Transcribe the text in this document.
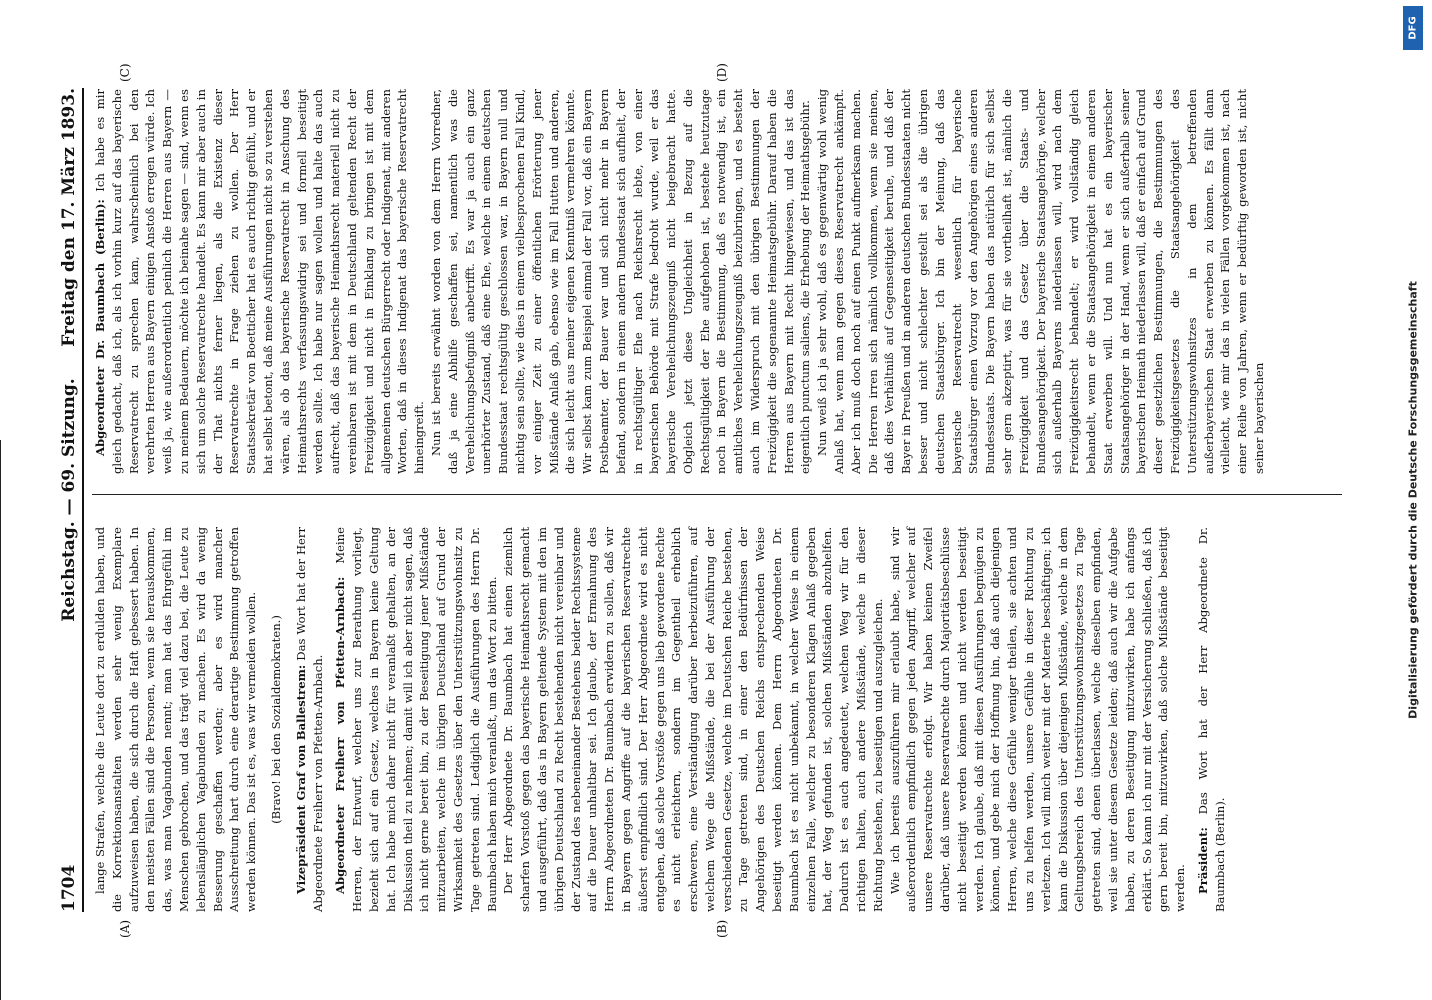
1704
Reichstag. — 69. Sitzung.
Freitag den 17. März 1893.
(A)	(B)
(C)	(D)

lange Strafen, welche die Leute dort zu erdulden haben, und die Korrektionsanstalten werden sehr wenig Exemplare aufzuweisen haben, die sich durch die Haft gebessert haben. In den meisten Fällen sind die Personen, wenn sie herauskommen, das, was man Vagabunden nennt; man hat das Ehrgefühl im Menschen gebrochen, und das trägt viel dazu bei, die Leute zu lebenslänglichen Vagabunden zu machen. Es wird da wenig Besserung geschaffen werden; aber es wird mancher Ausschreitung hart durch eine derartige Bestimmung getroffen werden können. Das ist es, was wir vermeiden wollen. (Bravo! bei den Sozialdemokraten.) Vizepräsident Graf von Ballestrem: Das Wort hat der Herr Abgeordnete Freiherr von Pfetten-Arnbach. Abgeordneter Freiherr von Pfetten-Arnbach: Meine Herren, der Entwurf, welcher uns zur Berathung vorliegt, bezieht sich auf ein Gesetz, welches in Bayern keine Geltung hat. Ich habe mich daher nicht für veranlaßt gehalten, an der Diskussion theil zu nehmen; damit will ich aber nicht sagen, daß ich nicht gerne bereit bin, zu der Beseitigung jener Mißstände mitzuarbeiten, welche im übrigen Deutschland auf Grund der Wirksamkeit des Gesetzes über den Unterstützungswohnsitz zu Tage getreten sind. Lediglich die Ausführungen des Herrn Dr. Baumbach haben mich veranlaßt, um das Wort zu bitten. Der Herr Abgeordnete Dr. Baumbach hat einen ziemlich scharfen Vorstoß gegen das bayerische Heimathsrecht gemacht und ausgeführt, daß das in Bayern geltende System mit den im übrigen Deutschland zu Recht bestehenden nicht vereinbar und der Zustand des nebeneinander Bestehens beider Rechtssysteme auf die Dauer unhaltbar sei. Ich glaube, der Ermahnung des Herrn Abgeordneten Dr. Baumbach erwidern zu sollen, daß wir in Bayern gegen Angriffe auf die bayerischen Reservatrechte äußerst empfindlich sind. Der Herr Abgeordnete wird es nicht entgehen, daß solche Vorstöße gegen uns lieb gewordene Rechte es nicht erleichtern, sondern im Gegentheil erheblich erschweren, eine Verständigung darüber herbeizuführen, auf welchem Wege die Mißstände, die bei der Ausführung der verschiedenen Gesetze, welche im Deutschen Reiche bestehen, zu Tage getreten sind, in einer den Bedürfnissen der Angehörigen des Deutschen Reichs entsprechenden Weise beseitigt werden können. Dem Herrn Abgeordneten Dr. Baumbach ist es nicht unbekannt, in welcher Weise in einem einzelnen Falle, welcher zu besonderen Klagen Anlaß gegeben hat, der Weg gefunden ist, solchen Mißständen abzuhelfen. Dadurch ist es auch angedeutet, welchen Weg wir für den richtigen halten, auch andere Mißstände, welche in dieser Richtung bestehen, zu beseitigen und auszugleichen. Wie ich bereits auszuführen mir erlaubt habe, sind wir außerordentlich empfindlich gegen jeden Angriff, welcher auf unsere Reservatrechte erfolgt. Wir haben keinen Zweifel darüber, daß unsere Reservatrechte durch Majoritätsbeschlüsse nicht beseitigt werden können und nicht werden beseitigt werden. Ich glaube, daß mit diesen Ausführungen begnügen zu können, und gebe mich der Hoffnung hin, daß auch diejenigen Herren, welche diese Gefühle weniger theilen, sie achten und uns zu helfen werden, unsere Gefühle in dieser Richtung zu verletzen. Ich will mich weiter mit der Materie beschäftigen; ich kann die Diskussion über diejenigen Mißstände, welche in dem Geltungsbereich des Unterstützungswohnsitzgesetzes zu Tage getreten sind, denen überlassen, welche dieselben empfinden, weil sie unter diesem Gesetze leiden; daß auch wir die Aufgabe haben, zu deren Beseitigung mitzuwirken, habe ich anfangs erklärt. So kann ich nur mit der Versicherung schließen, daß ich gern bereit bin, mitzuwirken, daß solche Mißstände beseitigt werden. Präsident: Das Wort hat der Herr Abgeordnete Dr. Baumbach (Berlin).

Abgeordneter Dr. Baumbach (Berlin): Ich habe es mir gleich gedacht, daß ich, als ich vorhin kurz auf das bayerische Reservatrecht zu sprechen kam, wahrscheinlich bei den verehrten Herren aus Bayern einigen Anstoß erregen würde. Ich weiß ja, wie außerordentlich peinlich die Herren aus Bayern — zu meinem Bedauern, möchte ich beinahe sagen — sind, wenn es sich um solche Reservatrechte handelt. Es kann mir aber auch in der That nichts ferner liegen, als die Existenz dieser Reservatrechte in Frage ziehen zu wollen. Der Herr Staatssekretär von Boetticher hat es auch richtig gefühlt, und er hat selbst betont, daß meine Ausführungen nicht so zu verstehen wären, als ob das bayerische Reservatrecht in Anschung des Heimathsrechts verfassungswidrig sei und formell beseitigt werden sollte. Ich habe nur sagen wollen und halte das auch aufrecht, daß das bayerische Heimathsrecht materiell nicht zu vereinbaren ist mit dem in Deutschland geltenden Recht der Freizügigkeit und nicht in Einklang zu bringen ist mit dem allgemeinen deutschen Bürgerrecht oder Indigenat, mit anderen Worten, daß in dieses Indigenat das bayerische Reservatrecht hineingreift. Nun ist bereits erwähnt worden von dem Herrn Vorredner, daß ja eine Abhilfe geschaffen sei, namentlich was die Verehelichungsbefugniß anbetrifft. Es war ja auch ein ganz unerhörter Zustand, daß eine Ehe, welche in einem deutschen Bundesstaat rechtsgültig geschlossen war, in Bayern null und nichtig sein sollte, wie dies in einem vielbesprochenen Fall Kindl, vor einiger Zeit zu einer öffentlichen Erörterung jener Mißstände Anlaß gab, ebenso wie im Fall Hutten und anderen, die sich leicht aus meiner eigenen Kenntniß vermehren könnte. Wir selbst kam zum Beispiel einmal der Fall vor, daß ein Bayern Postbeamter, der Bauer war und sich nicht mehr in Bayern befand, sondern in einem andern Bundesstaat sich aufhielt, der in rechtsgültiger Ehe nach Reichsrecht lebte, von einer bayerischen Behörde mit Strafe bedroht wurde, weil er das bayerische Verehelichungszeugniß nicht beigebracht hatte. Obgleich jetzt diese Ungleichheit in Bezug auf die Rechtsgültigkeit der Ehe aufgehoben ist, bestehe heutzutage noch in Bayern die Bestimmung, daß es notwendig ist, ein amtliches Verehelichungszeugniß beizubringen, und es besteht auch im Widerspruch mit den übrigen Bestimmungen der Freizügigkeit die sogenannte Heimatsgebühr. Darauf haben die Herren aus Bayern mit Recht hingewiesen, und das ist das eigentlich punctum saliens, die Erhebung der Heimathsgebühr. Nun weiß ich ja sehr wohl, daß es gegenwärtig wohl wenig Anlaß hat, wenn man gegen dieses Reservatrecht ankämpft. Aber ich muß doch noch auf einen Punkt aufmerksam machen. Die Herren irren sich nämlich vollkommen, wenn sie meinen, daß dies Verhältniß auf Gegenseitigkeit beruhe, und daß der Bayer in Preußen und in anderen deutschen Bundesstaaten nicht besser und nicht schlechter gestellt sei als die übrigen deutschen Staatsbürger. Ich bin der Meinung, daß das bayerische Reservatrecht wesentlich für bayerische Staatsbürger einen Vorzug vor den Angehörigen eines anderen Bundesstaats. Die Bayern haben das natürlich für sich selbst sehr gern akzeptirt, was für sie vortheilhaft ist, nämlich die Freizügigkeit und das Gesetz über die Staats- und Bundesangehörigkeit. Der bayerische Staatsangehörige, welcher sich außerhalb Bayerns niederlassen will, wird nach dem Freizügigkeitsrecht behandelt; er wird vollständig gleich behandelt, wenn er die Staatsangehörigkeit in einem anderen Staat erwerben will. Und nun hat es ein bayerischer Staatsangehöriger in der Hand, wenn er sich außerhalb seiner bayerischen Heimath niederlassen will, daß er einfach auf Grund dieser gesetzlichen Bestimmungen, die Bestimmungen des Freizügigkeitsgesetzes die Staatsangehörigkeit des Unterstützungswohnsitzes in dem betreffenden außerbayerischen Staat erwerben zu können. Es fällt dann vielleicht, wie mir das in vielen Fällen vorgekommen ist, nach einer Reihe von Jahren, wenn er bedürftig geworden ist, nicht seiner bayerischen

DFG
Digitalisierung gefördert durch die Deutsche Forschungsgemeinschaft
